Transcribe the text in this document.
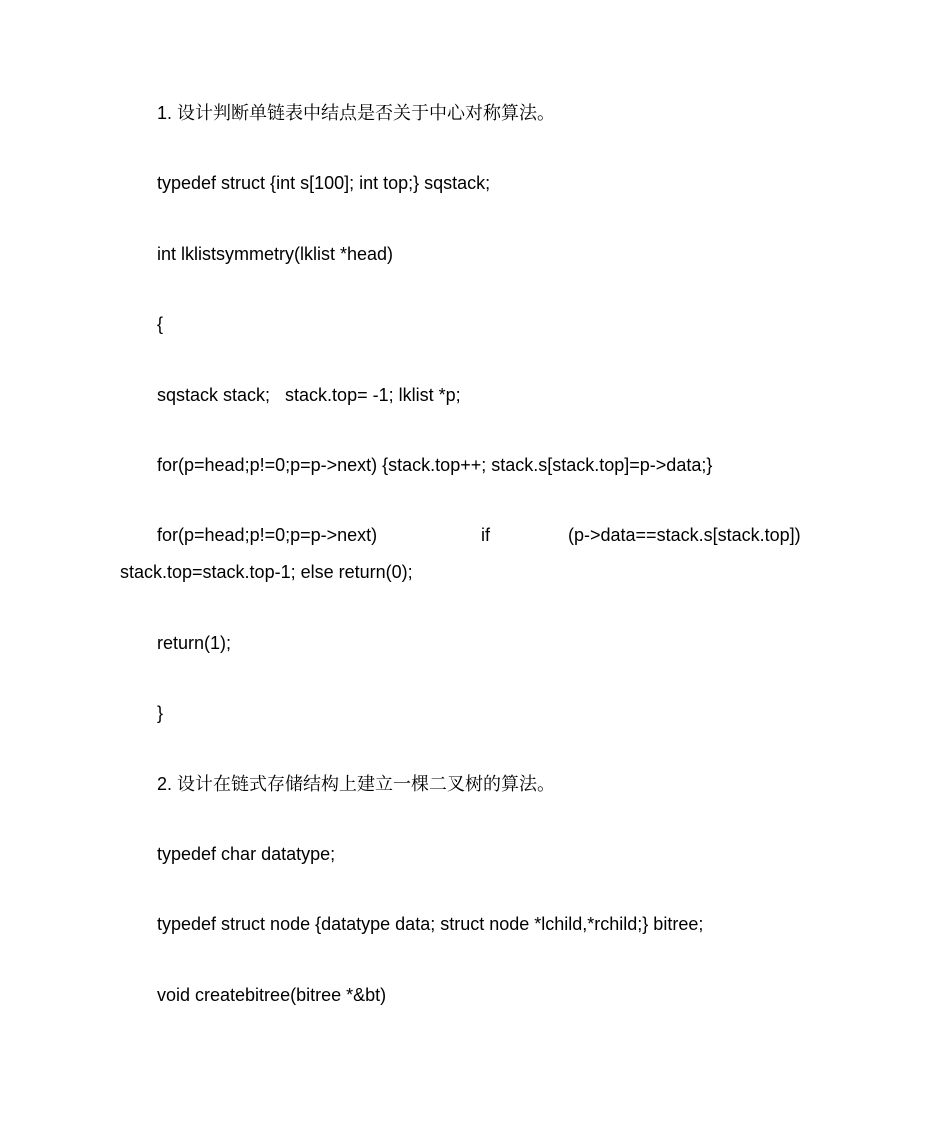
1. 设计判断单链表中结点是否关于中心对称算法。
typedef struct {int s[100]; int top;} sqstack;
int lklistsymmetry(lklist *head)
{
sqstack stack;   stack.top= -1; lklist *p;
for(p=head;p!=0;p=p->next) {stack.top++; stack.s[stack.top]=p->data;}
for(p=head;p!=0;p=p->next)	if	(p->data==stack.s[stack.top])
stack.top=stack.top-1; else return(0);
return(1);
}
2. 设计在链式存储结构上建立一棵二叉树的算法。
typedef char datatype;
typedef struct node {datatype data; struct node *lchild,*rchild;} bitree;
void createbitree(bitree *&bt)
